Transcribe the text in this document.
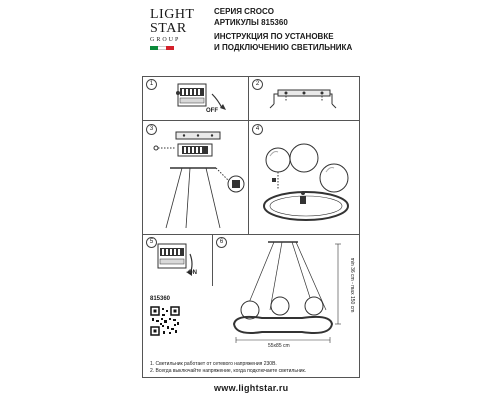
LIGHT
STAR
GROUP
СЕРИЯ CROCO
АРТИКУЛЫ 815360
ИНСТРУКЦИЯ ПО УСТАНОВКЕ
И ПОДКЛЮЧЕНИЮ СВЕТИЛЬНИКА
1	2
3	4
5	6
OFF
ON
55х85 cm
min 36 cm - max 150 cm
815360
1. Светильник работает от сетевого напряжения 230В.
2. Всегда выключайте напряжение, когда подключаете светильник.
www.lightstar.ru
